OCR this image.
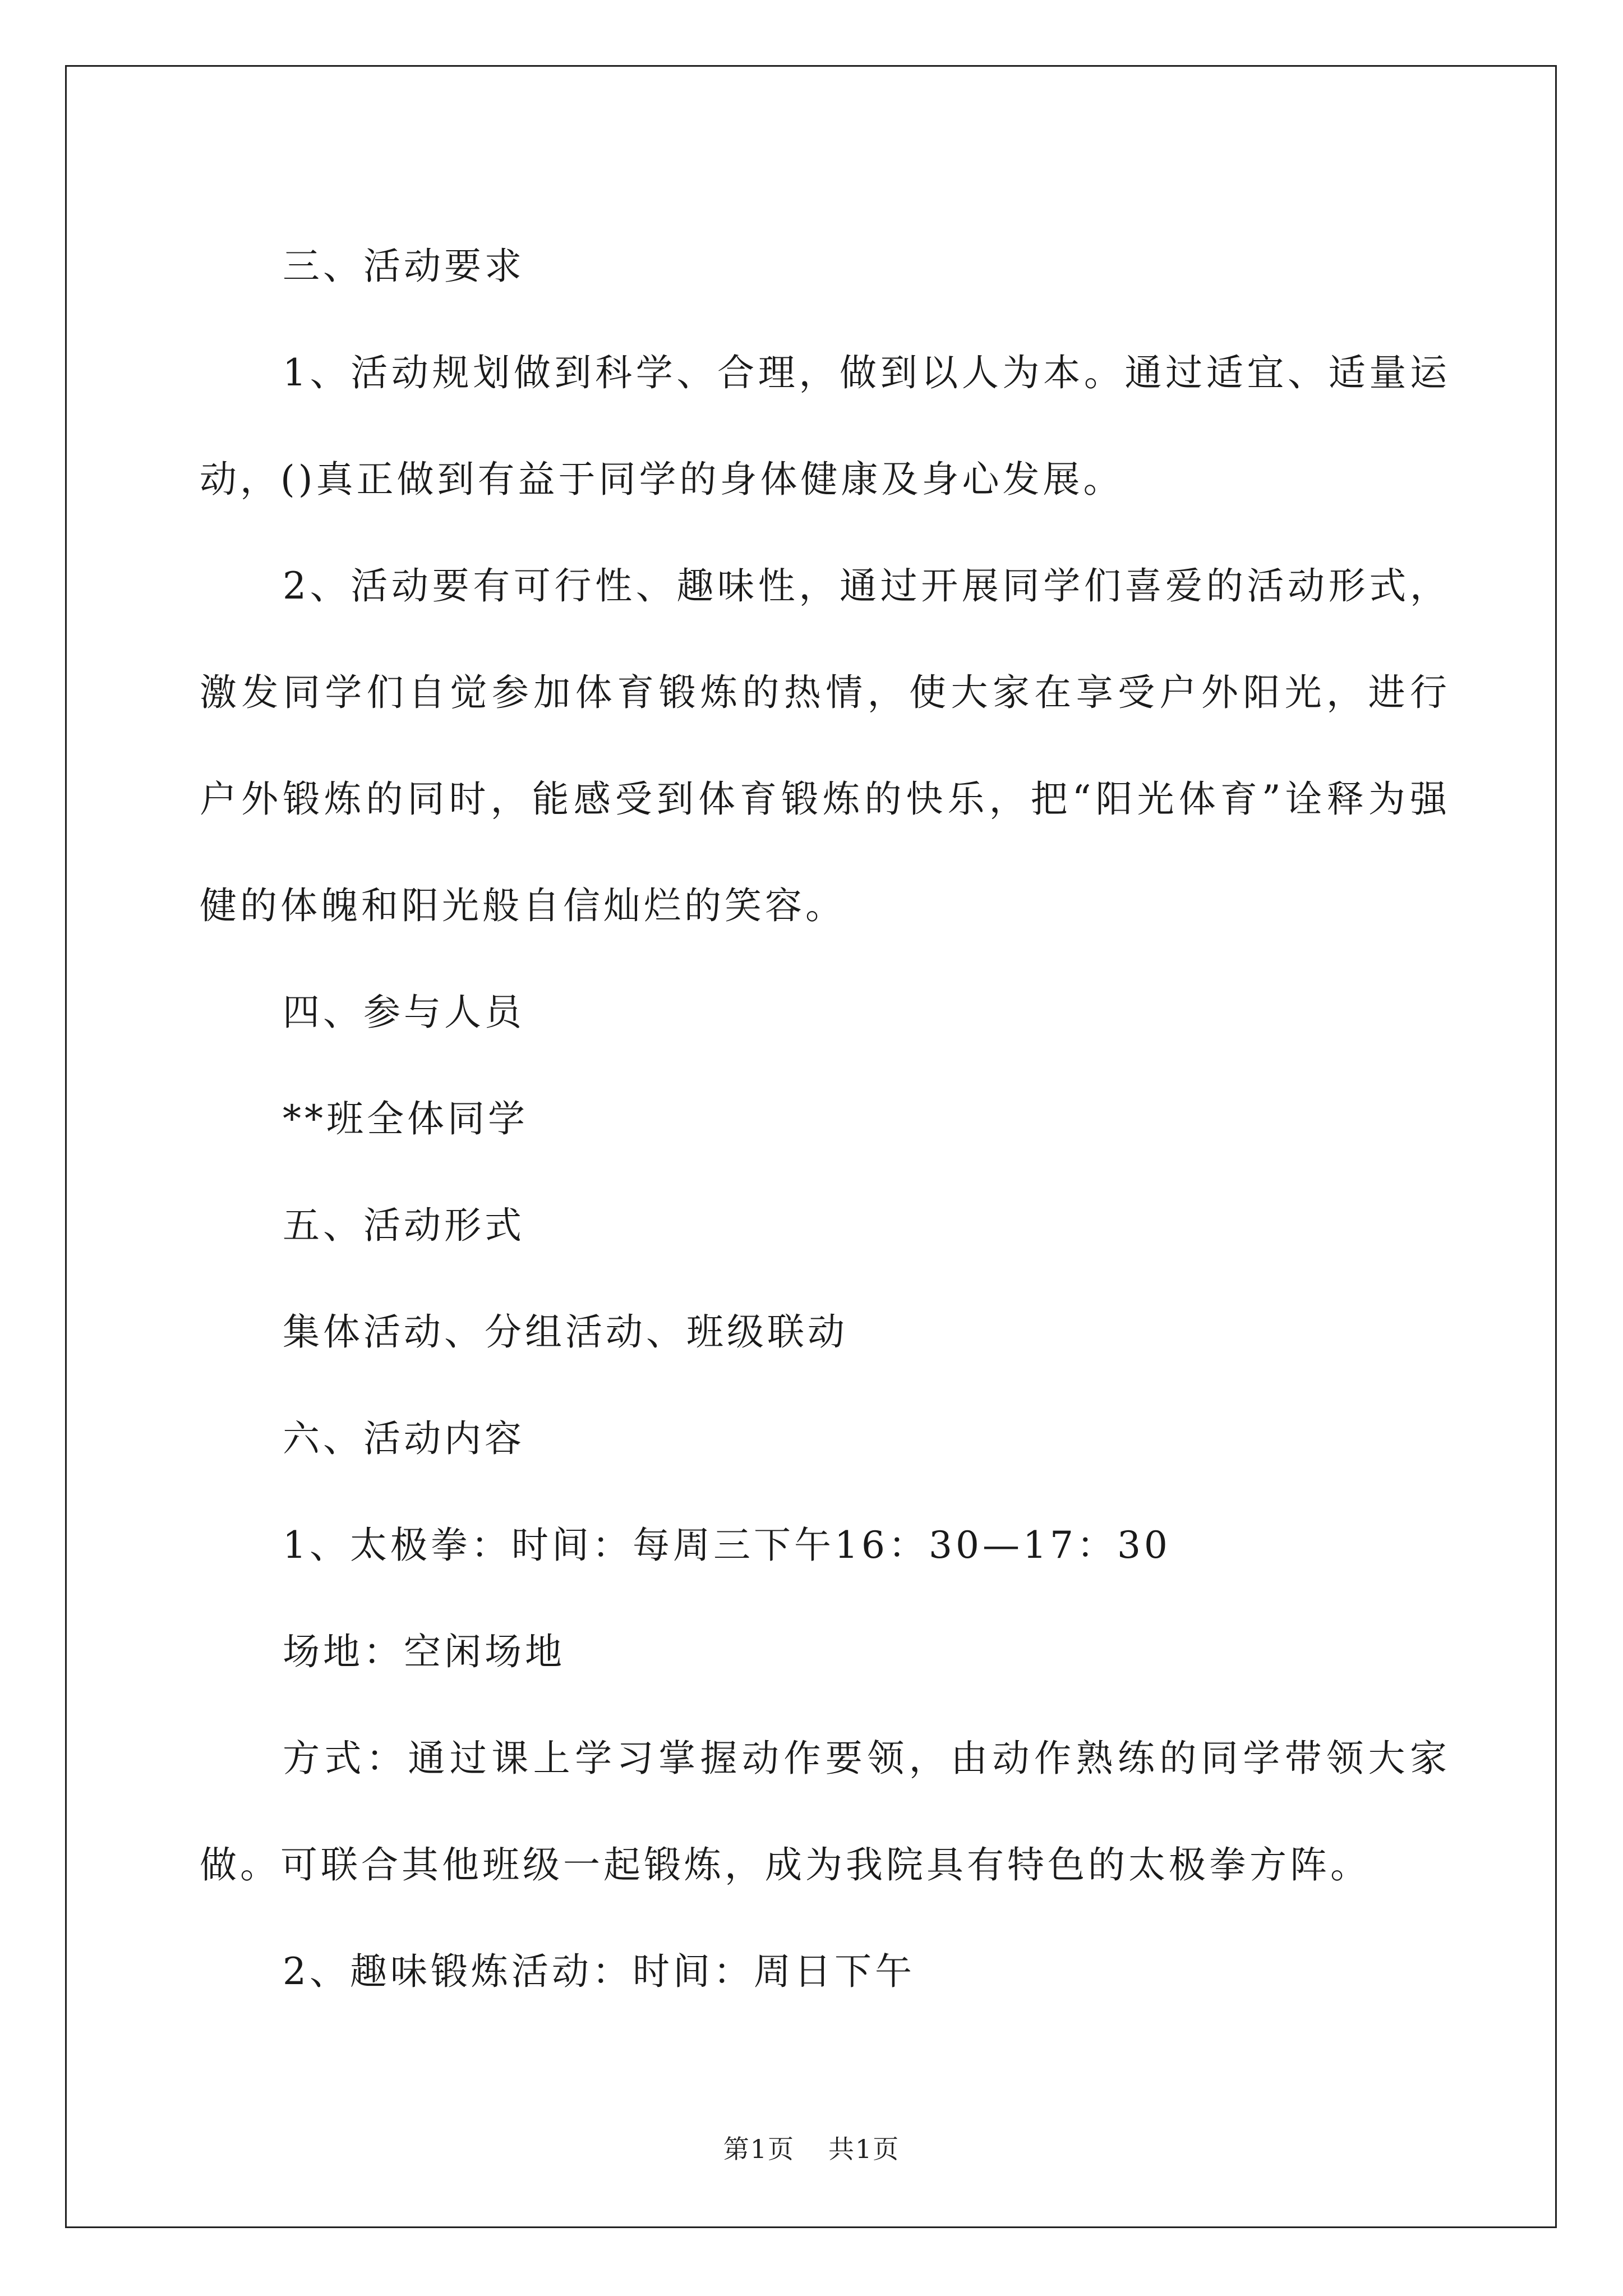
三、活动要求

1、活动规划做到科学、合理，做到以人为本。通过适宜、适量运动，()真正做到有益于同学的身体健康及身心发展。

2、活动要有可行性、趣味性，通过开展同学们喜爱的活动形式，激发同学们自觉参加体育锻炼的热情，使大家在享受户外阳光，进行户外锻炼的同时，能感受到体育锻炼的快乐，把“阳光体育”诠释为强健的体魄和阳光般自信灿烂的笑容。

四、参与人员

**班全体同学

五、活动形式

集体活动、分组活动、班级联动

六、活动内容

1、太极拳：时间：每周三下午16：30—17：30

场地：空闲场地

方式：通过课上学习掌握动作要领，由动作熟练的同学带领大家做。可联合其他班级一起锻炼，成为我院具有特色的太极拳方阵。

2、趣味锻炼活动：时间：周日下午

第1页 共1页
